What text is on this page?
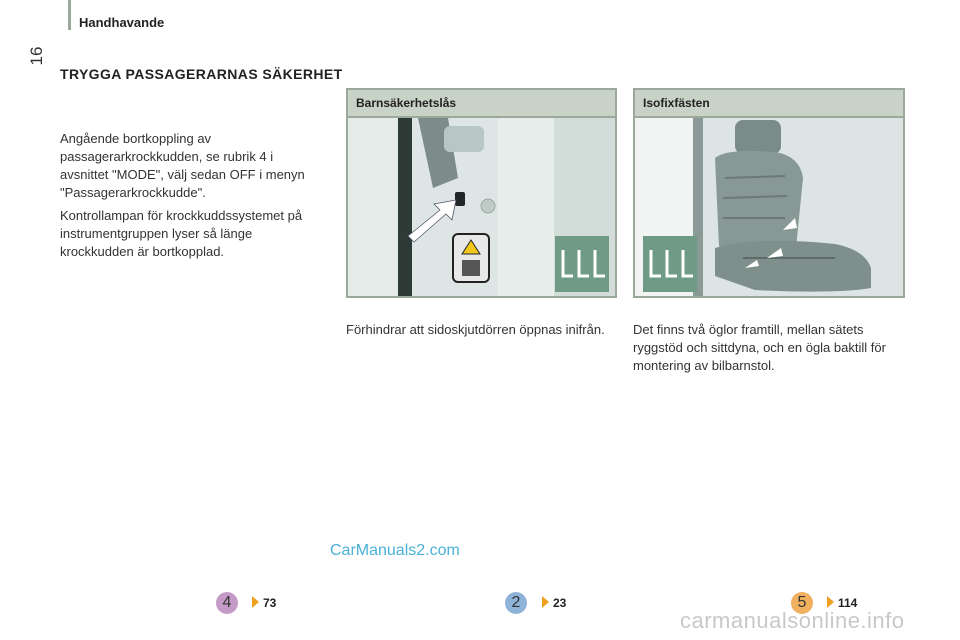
16
Handhavande
TRYGGA PASSAGERARNAS SÄKERHET

Angående bortkoppling av passagerarkrockkudden, se rubrik 4 i avsnittet "MODE", välj sedan OFF i menyn "Passagerarkrockkudde".

Kontrollampan för krockkuddssystemet på instrumentgruppen lyser så länge krockkudden är bortkopplad.

Barnsäkerhetslås	Isofixfästen
Förhindrar att sidoskjutdörren öppnas inifrån.	Det finns två öglor framtill, mellan sätets ryggstöd och sittdyna, och en ögla baktill för montering av bilbarnstol.
CarManuals2.com
4	73	2	23	5	114
carmanualsonline.info
